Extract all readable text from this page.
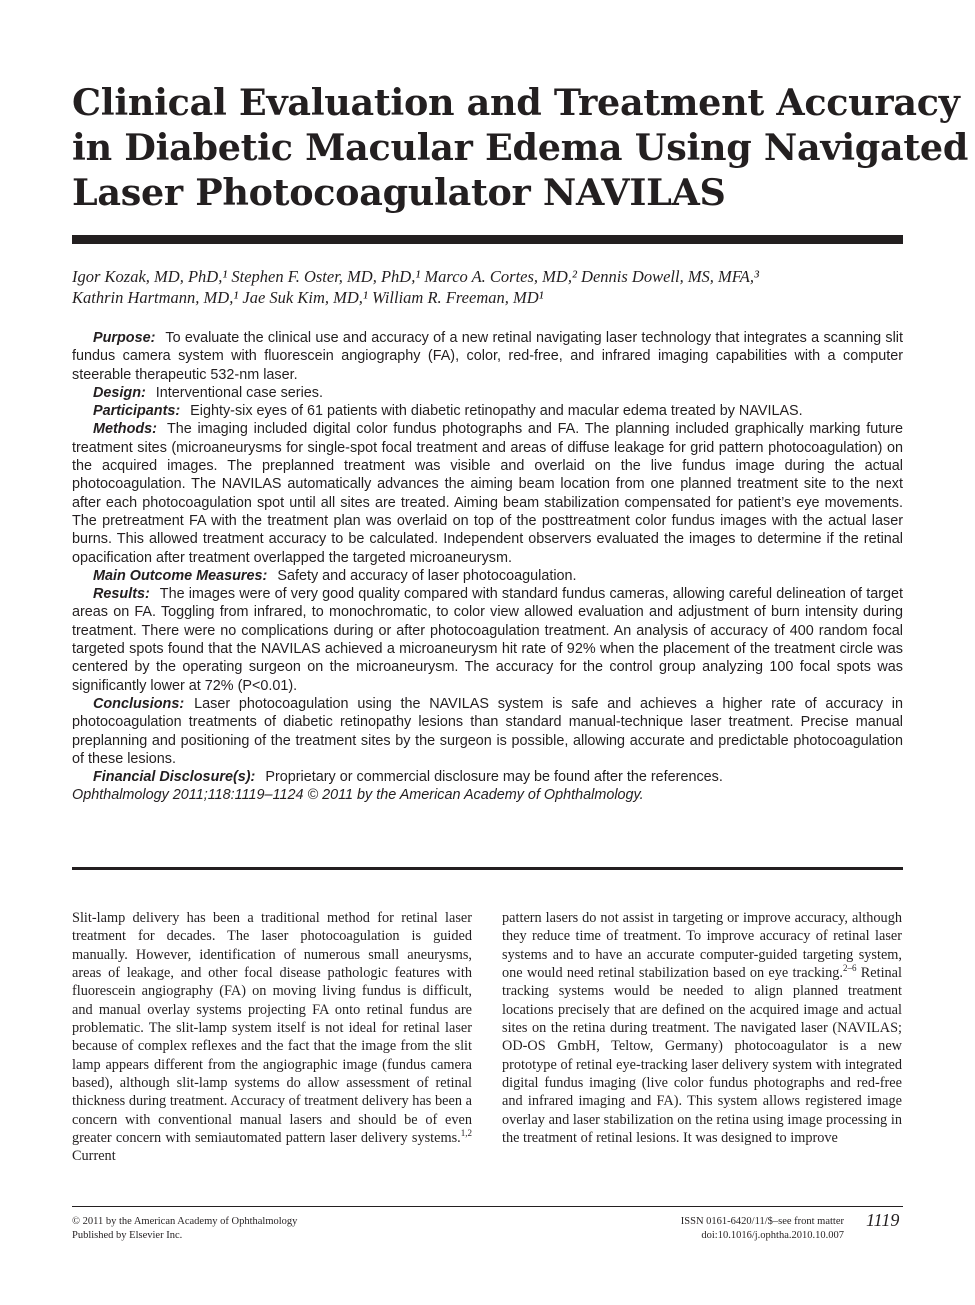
Clinical Evaluation and Treatment Accuracy
in Diabetic Macular Edema Using Navigated
Laser Photocoagulator NAVILAS
Igor Kozak, MD, PhD,¹ Stephen F. Oster, MD, PhD,¹ Marco A. Cortes, MD,² Dennis Dowell, MS, MFA,³
Kathrin Hartmann, MD,¹ Jae Suk Kim, MD,¹ William R. Freeman, MD¹

Purpose: To evaluate the clinical use and accuracy of a new retinal navigating laser technology that integrates a scanning slit fundus camera system with fluorescein angiography (FA), color, red-free, and infrared imaging capabilities with a computer steerable therapeutic 532-nm laser.

Design: Interventional case series.

Participants: Eighty-six eyes of 61 patients with diabetic retinopathy and macular edema treated by NAVILAS.

Methods: The imaging included digital color fundus photographs and FA. The planning included graphically marking future treatment sites (microaneurysms for single-spot focal treatment and areas of diffuse leakage for grid pattern photocoagulation) on the acquired images. The preplanned treatment was visible and overlaid on the live fundus image during the actual photocoagulation. The NAVILAS automatically advances the aiming beam location from one planned treatment site to the next after each photocoagulation spot until all sites are treated. Aiming beam stabilization compensated for patient’s eye movements. The pretreatment FA with the treatment plan was overlaid on top of the posttreatment color fundus images with the actual laser burns. This allowed treatment accuracy to be calculated. Independent observers evaluated the images to determine if the retinal opacification after treatment overlapped the targeted microaneurysm.

Main Outcome Measures: Safety and accuracy of laser photocoagulation.

Results: The images were of very good quality compared with standard fundus cameras, allowing careful delineation of target areas on FA. Toggling from infrared, to monochromatic, to color view allowed evaluation and adjustment of burn intensity during treatment. There were no complications during or after photocoagulation treatment. An analysis of accuracy of 400 random focal targeted spots found that the NAVILAS achieved a microaneurysm hit rate of 92% when the placement of the treatment circle was centered by the operating surgeon on the microaneurysm. The accuracy for the control group analyzing 100 focal spots was significantly lower at 72% (P<0.01).

Conclusions: Laser photocoagulation using the NAVILAS system is safe and achieves a higher rate of accuracy in photocoagulation treatments of diabetic retinopathy lesions than standard manual-technique laser treatment. Precise manual preplanning and positioning of the treatment sites by the surgeon is possible, allowing accurate and predictable photocoagulation of these lesions.

Financial Disclosure(s): Proprietary or commercial disclosure may be found after the references.

Ophthalmology 2011;118:1119–1124 © 2011 by the American Academy of Ophthalmology.

Slit-lamp delivery has been a traditional method for retinal laser treatment for decades. The laser photocoagulation is guided manually. However, identification of numerous small aneurysms, areas of leakage, and other focal disease pathologic features with fluorescein angiography (FA) on moving living fundus is difficult, and manual overlay systems projecting FA onto retinal fundus are problematic. The slit-lamp system itself is not ideal for retinal laser because of complex reflexes and the fact that the image from the slit lamp appears different from the angiographic image (fundus camera based), although slit-lamp systems do allow assessment of retinal thickness during treatment. Accuracy of treatment delivery has been a concern with conventional manual lasers and should be of even greater concern with semiautomated pattern laser delivery systems.$^{1,2}$ Current

pattern lasers do not assist in targeting or improve accuracy, although they reduce time of treatment. To improve accuracy of retinal laser systems and to have an accurate computer-guided targeting system, one would need retinal stabilization based on eye tracking.$^{2-6}$ Retinal tracking systems would be needed to align planned treatment locations precisely that are defined on the acquired image and actual sites on the retina during treatment. The navigated laser (NAVILAS; OD-OS GmbH, Teltow, Germany) photocoagulator is a new prototype of retinal eye-tracking laser delivery system with integrated digital fundus imaging (live color fundus photographs and red-free and infrared imaging and FA). This system allows registered image overlay and laser stabilization on the retina using image processing in the treatment of retinal lesions. It was designed to improve

© 2011 by the American Academy of Ophthalmology
Published by Elsevier Inc.
ISSN 0161-6420/11/$–see front matter
doi:10.1016/j.ophtha.2010.10.007
1119
